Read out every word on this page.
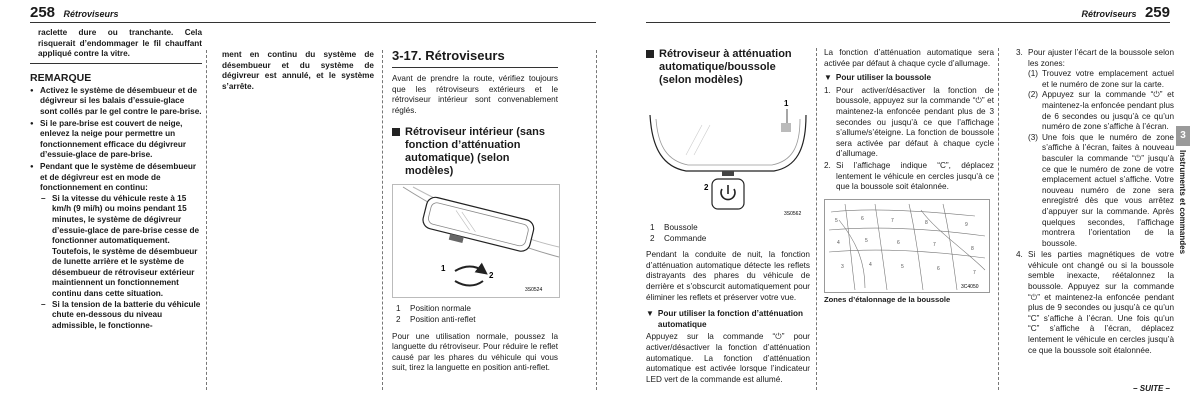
258 Rétroviseurs
raclette dure ou tranchante. Cela risquerait d’endommager le fil chauffant appliqué contre la vitre.
REMARQUE
● Activez le système de désembueur et de dégivreur si les balais d’essuie-glace sont collés par le gel contre le pare-brise.
● Si le pare-brise est couvert de neige, enlevez la neige pour permettre un fonctionnement efficace du dégivreur d’essuie-glace de pare-brise.
● Pendant que le système de désembueur et de dégivreur est en mode de fonctionnement en continu:
– Si la vitesse du véhicule reste à 15 km/h (9 mi/h) ou moins pendant 15 minutes, le système de dégivreur d’essuie-glace de pare-brise cesse de fonctionner automatiquement. Toutefois, le système de désembueur de lunette arrière et le système de désembueur de rétroviseur extérieur maintiennent un fonctionnement continu dans cette situation.
– Si la tension de la batterie du véhicule chute en-dessous du niveau admissible, le fonctionne-
ment en continu du système de désembueur et du système de dégivreur est annulé, et le système s’arrête.
3-17. Rétroviseurs
Avant de prendre la route, vérifiez toujours que les rétroviseurs extérieurs et le rétroviseur intérieur sont convenablement réglés.
Rétroviseur intérieur (sans fonction d’atténuation automatique) (selon modèles)
1
2
3S0524
1 Position normale
2 Position anti-reflet
Pour une utilisation normale, poussez la languette du rétroviseur. Pour réduire le reflet causé par les phares du véhicule qui vous suit, tirez la languette en position anti-reflet.
Rétroviseurs 259
Rétroviseur à atténuation automatique/boussole (selon modèles)
1
2
3S0562
1 Boussole
2 Commande
Pendant la conduite de nuit, la fonction d’atténuation automatique détecte les reflets distrayants des phares du véhicule de derrière et s’obscurcit automatiquement pour éliminer les reflets et préserver votre vue.
▼ Pour utiliser la fonction d’atténuation automatique
Appuyez sur la commande “⏻” pour activer/désactiver la fonction d’atténuation automatique. La fonction d’atténuation automatique est activée lorsque l’indicateur LED vert de la commande est allumé.
La fonction d’atténuation automatique sera activée par défaut à chaque cycle d’allumage.
▼ Pour utiliser la boussole
1. Pour activer/désactiver la fonction de boussole, appuyez sur la commande “⏻” et maintenez-la enfoncée pendant plus de 3 secondes ou jusqu’à ce que l’affichage s’allume/s’éteigne. La fonction de boussole sera activée par défaut à chaque cycle d’allumage.
2. Si l’affichage indique “C”, déplacez lentement le véhicule en cercles jusqu’à ce que la boussole soit étalonnée.
5	6	7	8	9
4	5	6	7
8
3	4	5	6
7
3C4050
Zones d’étalonnage de la boussole
3. Pour ajuster l’écart de la boussole selon les zones:
(1) Trouvez votre emplacement actuel et le numéro de zone sur la carte.
(2) Appuyez sur la commande “⏻” et maintenez-la enfoncée pendant plus de 6 secondes ou jusqu’à ce qu’un numéro de zone s’affiche à l’écran.
(3) Une fois que le numéro de zone s’affiche à l’écran, faites à nouveau basculer la commande “⏻” jusqu’à ce que le numéro de zone de votre emplacement actuel s’affiche. Votre nouveau numéro de zone sera enregistré dès que vous arrêtez d’appuyer sur la commande. Après quelques secondes, l’affichage montrera l’orientation de la boussole.
4. Si les parties magnétiques de votre véhicule ont changé ou si la boussole semble inexacte, réétalonnez la boussole. Appuyez sur la commande “⏻” et maintenez-la enfoncée pendant plus de 9 secondes ou jusqu’à ce qu’un “C” s’affiche à l’écran. Une fois qu’un “C” s’affiche à l’écran, déplacez lentement le véhicule en cercles jusqu’à ce que la boussole soit étalonnée.
3
Instruments et commandes
– SUITE –
